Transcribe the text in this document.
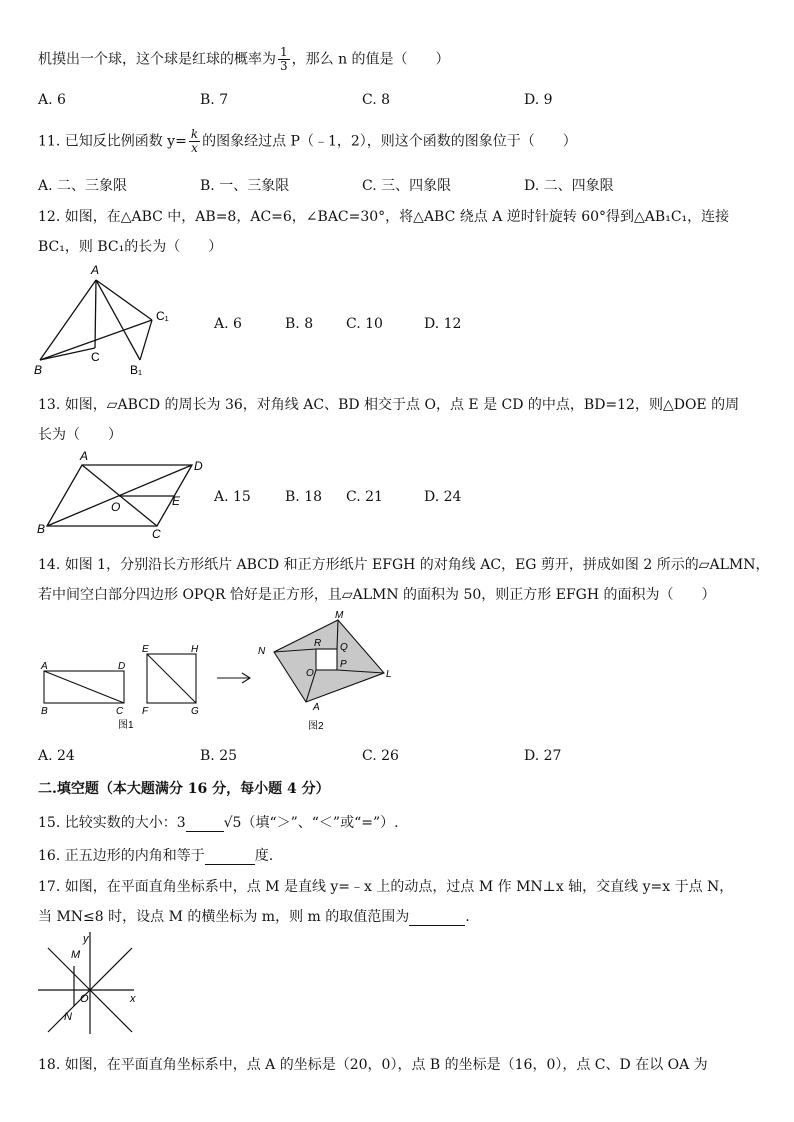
机摸出一个球，这个球是红球的概率为 $\frac{1}{3}$ ，那么 n 的值是（　　）
A. 6	B. 7	C. 8	D. 9
11. 已知反比例函数 $y= \frac{k}{x}$ 的图象经过点 P（﹣1，2），则这个函数的图象位于（　　）
A. 二、三象限	B. 一、三象限	C. 三、四象限	D. 二、四象限
12. 如图，在△ABC 中，AB=8，AC=6，∠BAC=30°，将△ABC 绕点 A 逆时针旋转 60°得到△AB₁C₁，连接
BC₁，则 BC₁的长为（　　）
A
B
C
C₁
B₁
A. 6	B. 8 C. 10	D. 12
13. 如图，▱ABCD 的周长为 36，对角线 AC、BD 相交于点 O，点 E 是 CD 的中点，BD=12，则△DOE 的周
长为（　　）
A
D
O	E
B	C
A. 15 B. 18 C. 21	D. 24
14. 如图 1，分别沿长方形纸片 ABCD 和正方形纸片 EFGH 的对角线 AC，EG 剪开，拼成如图 2 所示的▱ALMN，
若中间空白部分四边形 OPQR 恰好是正方形，且▱ALMN 的面积为 50，则正方形 EFGH 的面积为（　　）
A	D
B	C
E	H
F	G
M
N
R Q
P
O	L
A
图1	图2
A. 24	B. 25	C. 26	D. 27
二.填空题（本大题满分 16 分，每小题 4 分）
15. 比较实数的大小：3	√5（填“＞”、“＜”或“=”）.
16. 正五边形的内角和等于	度.
17. 如图，在平面直角坐标系中，点 M 是直线 y=﹣x 上的动点，过点 M 作 MN⊥x 轴，交直线 y=x 于点 N，
当 MN≤8 时，设点 M 的横坐标为 m，则 m 的取值范围为	.
y
M
O	x
N
18. 如图，在平面直角坐标系中，点 A 的坐标是（20，0），点 B 的坐标是（16，0），点 C、D 在以 OA 为
